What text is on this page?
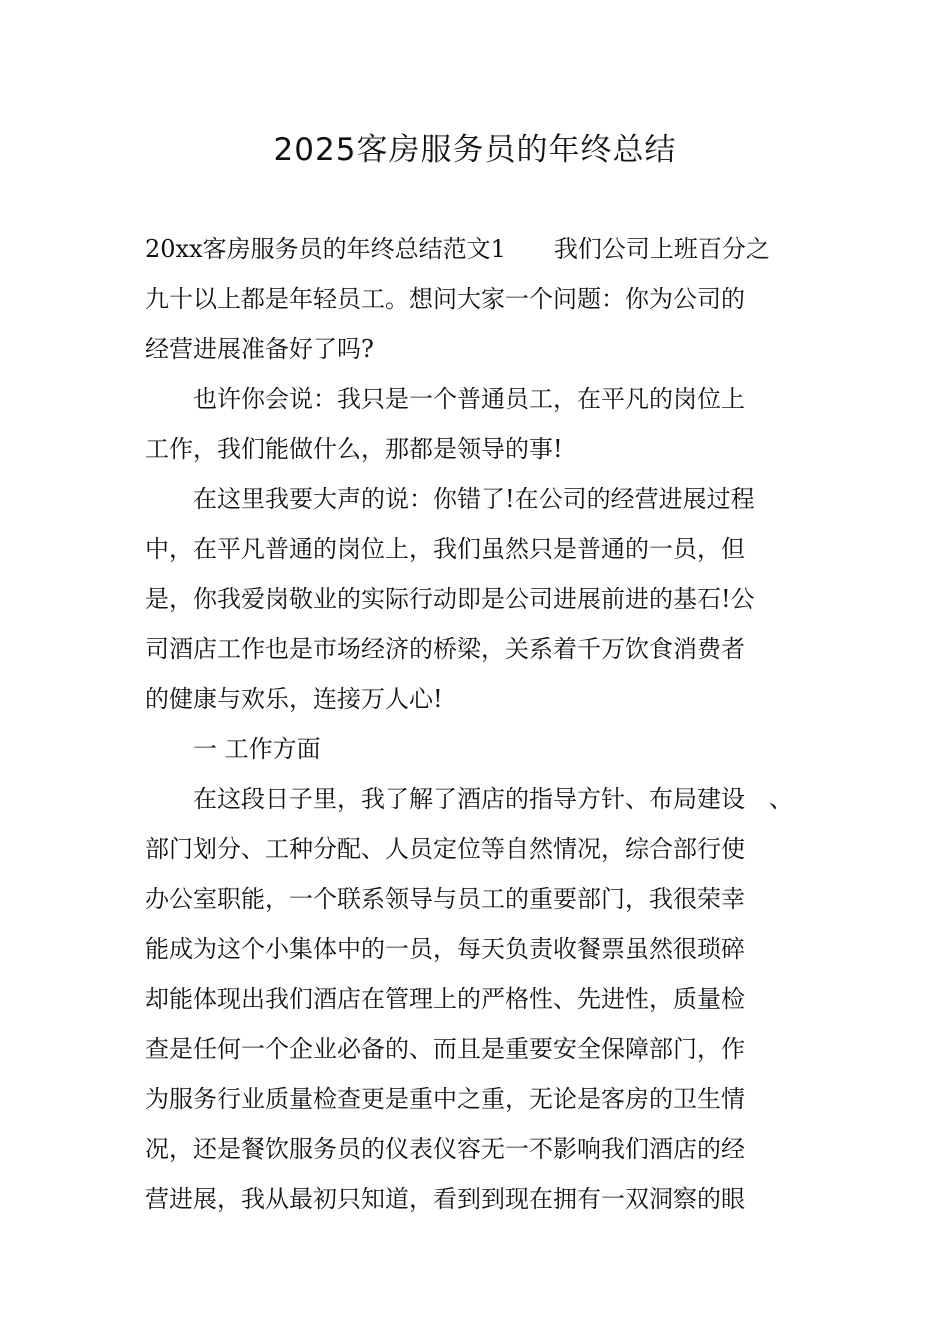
2025客房服务员的年终总结
20xx客房服务员的年终总结范文1　　我们公司上班百分之
九十以上都是年轻员工。想问大家一个问题：你为公司的
经营进展准备好了吗?
　　也许你会说：我只是一个普通员工，在平凡的岗位上
工作，我们能做什么，那都是领导的事!
　　在这里我要大声的说：你错了!在公司的经营进展过程
中，在平凡普通的岗位上，我们虽然只是普通的一员，但
是，你我爱岗敬业的实际行动即是公司进展前进的基石!公
司酒店工作也是市场经济的桥梁，关系着千万饮食消费者
的健康与欢乐，连接万人心!
　　一 工作方面
　　在这段日子里，我了解了酒店的指导方针、布局建设　、
部门划分、工种分配、人员定位等自然情况，综合部行使
办公室职能，一个联系领导与员工的重要部门，我很荣幸
能成为这个小集体中的一员，每天负责收餐票虽然很琐碎
却能体现出我们酒店在管理上的严格性、先进性，质量检
查是任何一个企业必备的、而且是重要安全保障部门，作
为服务行业质量检查更是重中之重，无论是客房的卫生情
况，还是餐饮服务员的仪表仪容无一不影响我们酒店的经
营进展，我从最初只知道，看到到现在拥有一双洞察的眼
